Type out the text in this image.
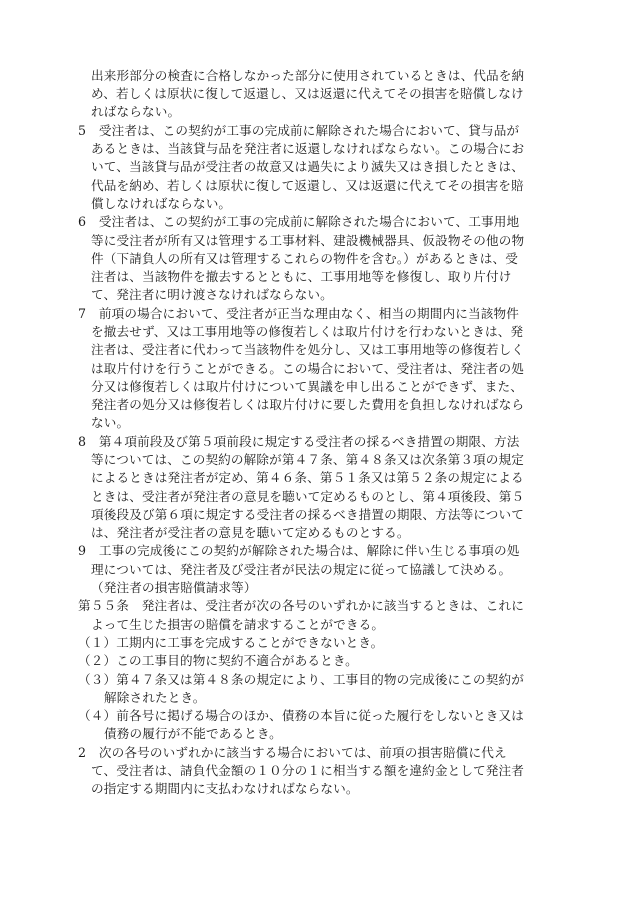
出来形部分の検査に合格しなかった部分に使用されているときは、代品を納
め、若しくは原状に復して返還し、又は返還に代えてその損害を賠償しなけ
ればならない。
5　受注者は、この契約が工事の完成前に解除された場合において、貸与品が
あるときは、当該貸与品を発注者に返還しなければならない。この場合にお
いて、当該貸与品が受注者の故意又は過失により滅失又はき損したときは、
代品を納め、若しくは原状に復して返還し、又は返還に代えてその損害を賠
償しなければならない。
6　受注者は、この契約が工事の完成前に解除された場合において、工事用地
等に受注者が所有又は管理する工事材料、建設機械器具、仮設物その他の物
件（下請負人の所有又は管理するこれらの物件を含む。）があるときは、受
注者は、当該物件を撤去するとともに、工事用地等を修復し、取り片付け
て、発注者に明け渡さなければならない。
7　前項の場合において、受注者が正当な理由なく、相当の期間内に当該物件
を撤去せず、又は工事用地等の修復若しくは取片付けを行わないときは、発
注者は、受注者に代わって当該物件を処分し、又は工事用地等の修復若しく
は取片付けを行うことができる。この場合において、受注者は、発注者の処
分又は修復若しくは取片付けについて異議を申し出ることができず、また、
発注者の処分又は修復若しくは取片付けに要した費用を負担しなければなら
ない。
8　第４項前段及び第５項前段に規定する受注者の採るべき措置の期限、方法
等については、この契約の解除が第４７条、第４８条又は次条第３項の規定
によるときは発注者が定め、第４６条、第５１条又は第５２条の規定による
ときは、受注者が発注者の意見を聴いて定めるものとし、第４項後段、第５
項後段及び第６項に規定する受注者の採るべき措置の期限、方法等について
は、発注者が受注者の意見を聴いて定めるものとする。
9　工事の完成後にこの契約が解除された場合は、解除に伴い生じる事項の処
理については、発注者及び受注者が民法の規定に従って協議して決める。
（発注者の損害賠償請求等）
第５５条　発注者は、受注者が次の各号のいずれかに該当するときは、これに
よって生じた損害の賠償を請求することができる。
（１）工期内に工事を完成することができないとき。
（２）この工事目的物に契約不適合があるとき。
（３）第４７条又は第４８条の規定により、工事目的物の完成後にこの契約が
解除されたとき。
（４）前各号に掲げる場合のほか、債務の本旨に従った履行をしないとき又は
債務の履行が不能であるとき。
2　次の各号のいずれかに該当する場合においては、前項の損害賠償に代え
て、受注者は、請負代金額の１０分の１に相当する額を違約金として発注者
の指定する期間内に支払わなければならない。
